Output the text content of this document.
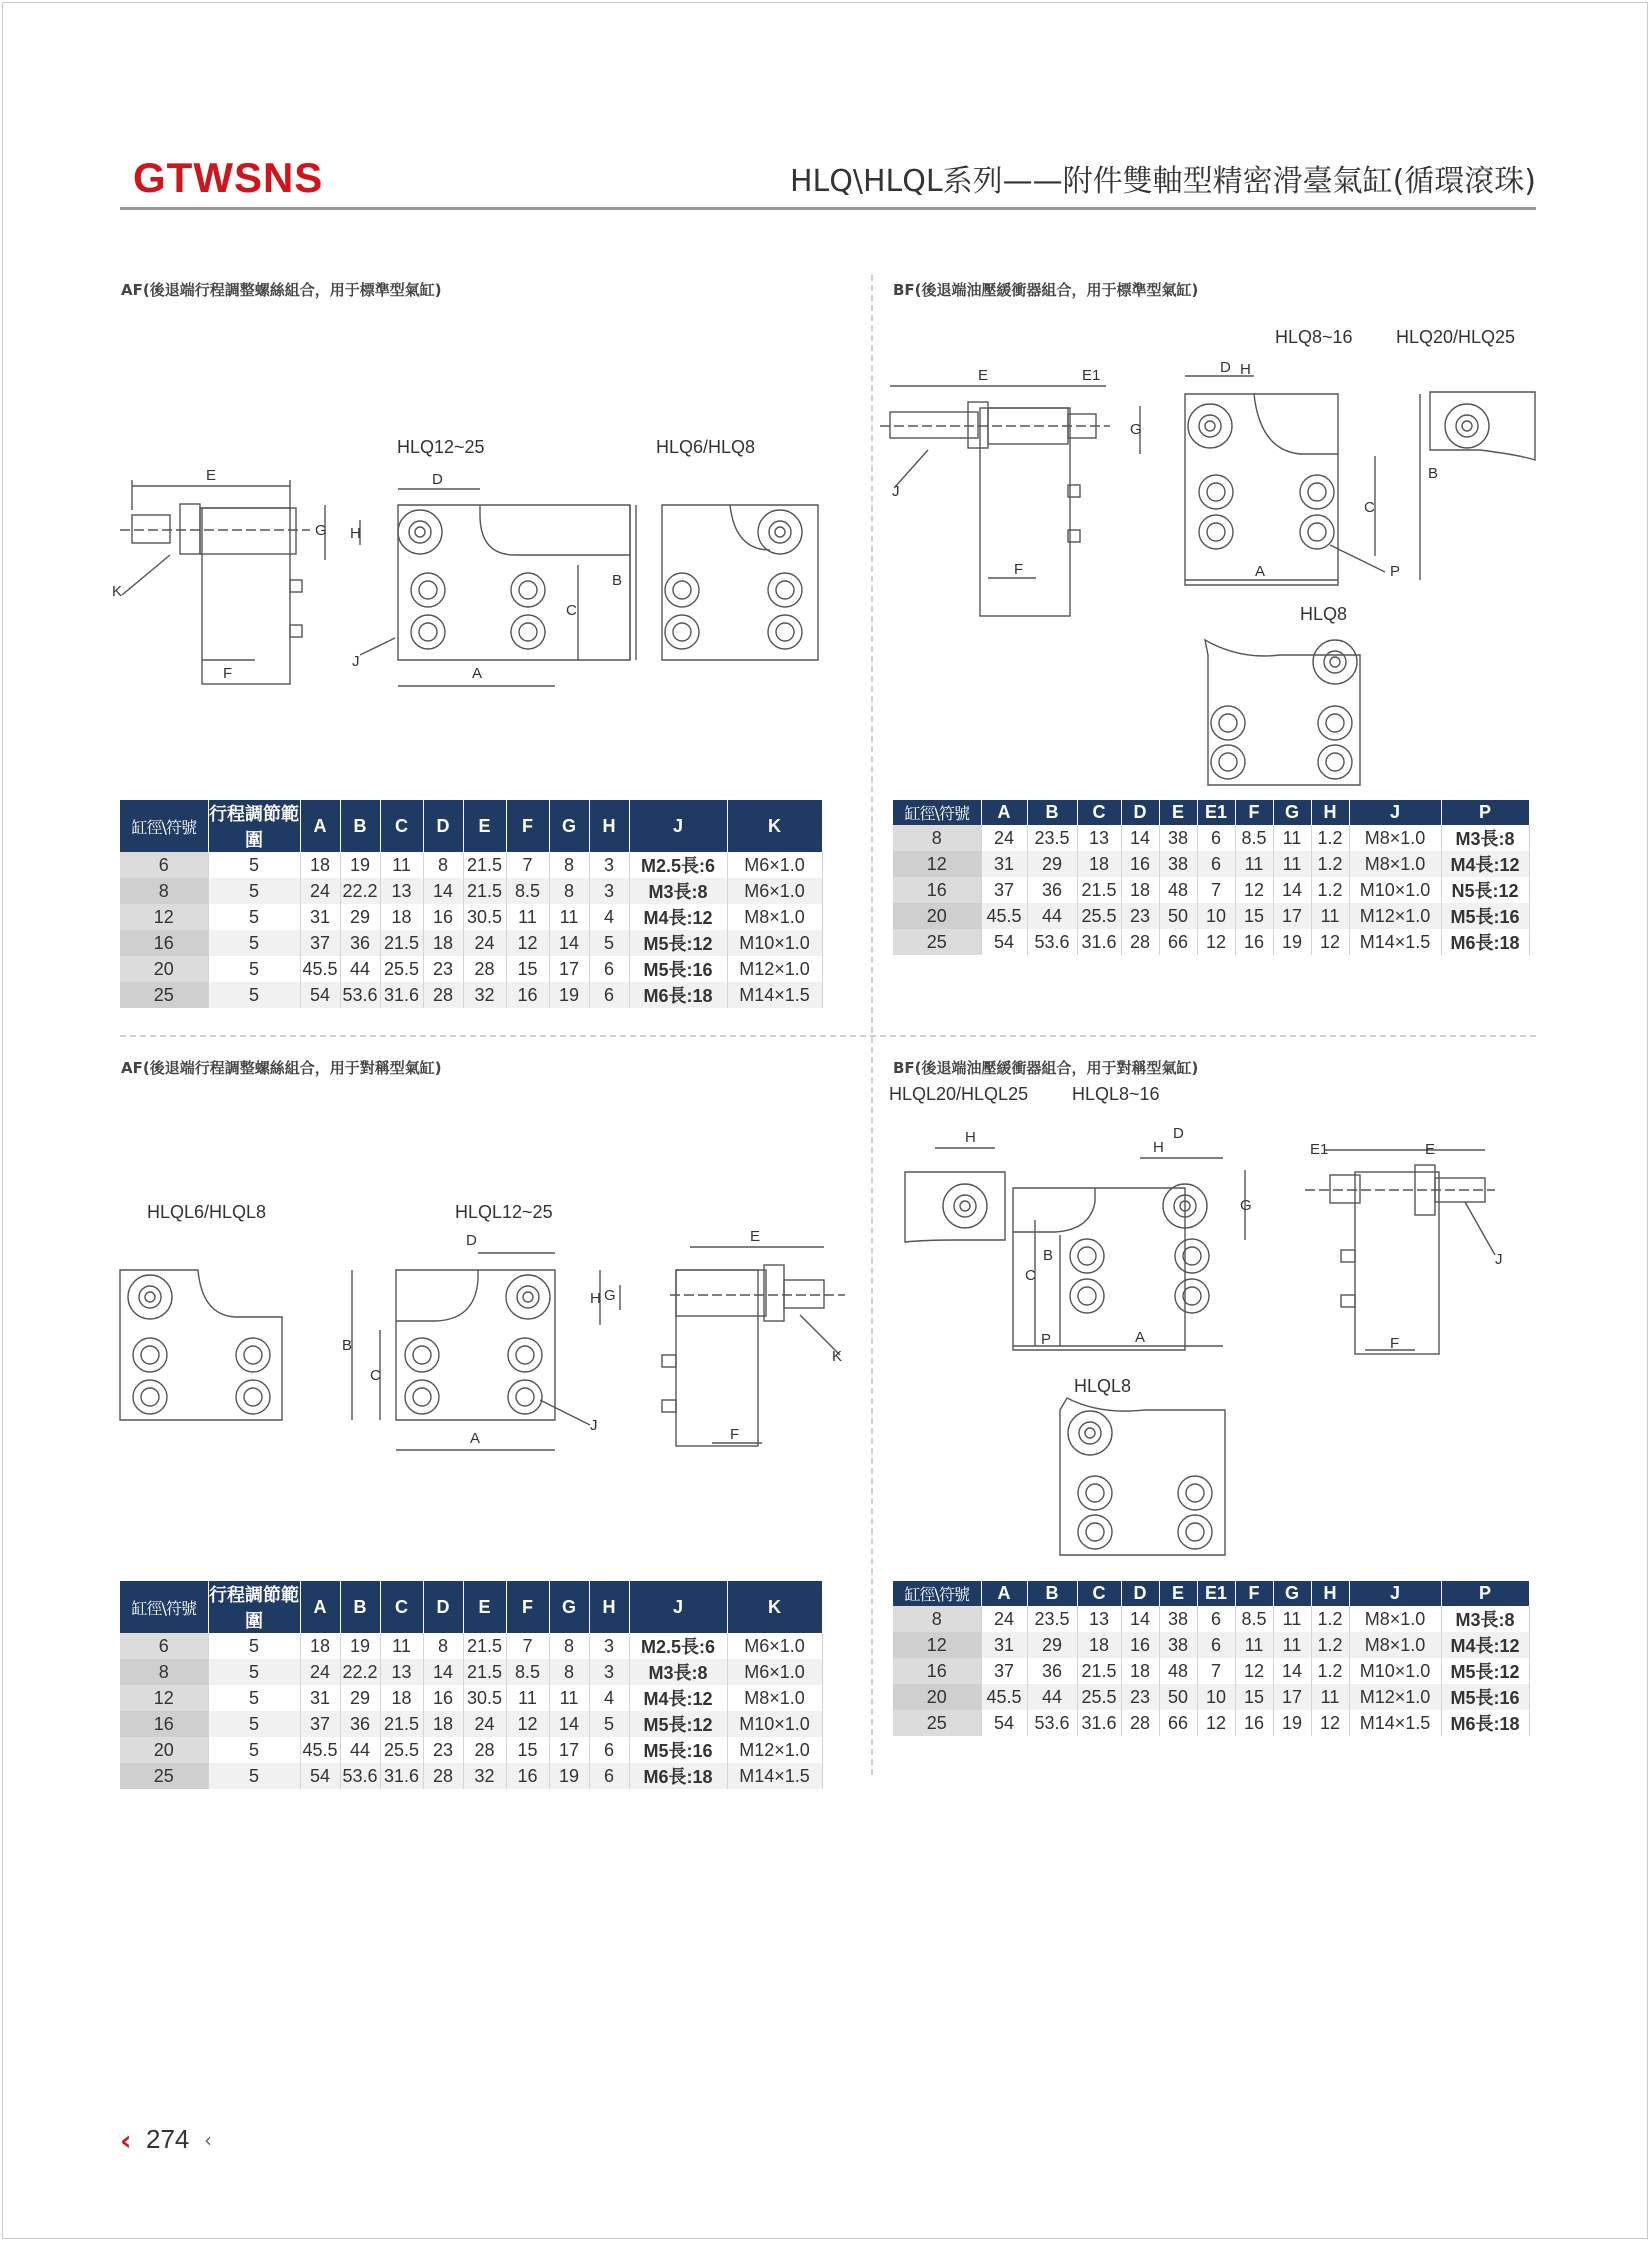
GTWSNS	HLQ\HLQL系列——附件雙軸型精密滑臺氣缸(循環滾珠)
AF(後退端行程調整螺絲組合，用于標準型氣缸)	BF(後退端油壓緩衝器組合，用于標準型氣缸)
AF(後退端行程調整螺絲組合，用于對稱型氣缸)	BF(後退端油壓緩衝器組合，用于對稱型氣缸)
HLQ12~25	HLQ6/HLQ8
HLQ8~16 HLQ20/HLQ25
HLQ8
HLQL6/HLQL8	HLQL12~25
HLQL20/HLQL25 HLQL8~16
HLQL8
E
F
K
A
D
B
C
G H
J
E	E1
F
J
D H
A
B
C
G
P
D
A
B
C
G
H
J
E
F
K
H	D
H
G
C
B
A
P
E1	E
F
J
缸徑\符號	行程調節範圍	A	B	C	D	E	F	G	H	J	K
6	5	18	19	11	8	21.5	7	8	3	M2.5長:6	M6×1.0
8	5	24	22.2	13	14	21.5	8.5	8	3	M3長:8	M6×1.0
12	5	31	29	18	16	30.5	11	11	4	M4長:12	M8×1.0
16	5	37	36	21.5	18	24	12	14	5	M5長:12	M10×1.0
20	5	45.5	44	25.5	23	28	15	17	6	M5長:16	M12×1.0
25	5	54	53.6	31.6	28	32	16	19	6	M6長:18	M14×1.5
缸徑\符號	A	B	C	D	E	E1	F	G	H	J	P
8	24	23.5	13	14	38	6	8.5	11	1.2	M8×1.0	M3長:8
12	31	29	18	16	38	6	11	11	1.2	M8×1.0	M4長:12
16	37	36	21.5	18	48	7	12	14	1.2	M10×1.0	N5長:12
20	45.5	44	25.5	23	50	10	15	17	11	M12×1.0	M5長:16
25	54	53.6	31.6	28	66	12	16	19	12	M14×1.5	M6長:18
缸徑\符號	行程調節範圍	A	B	C	D	E	F	G	H	J	K
6	5	18	19	11	8	21.5	7	8	3	M2.5長:6	M6×1.0
8	5	24	22.2	13	14	21.5	8.5	8	3	M3長:8	M6×1.0
12	5	31	29	18	16	30.5	11	11	4	M4長:12	M8×1.0
16	5	37	36	21.5	18	24	12	14	5	M5長:12	M10×1.0
20	5	45.5	44	25.5	23	28	15	17	6	M5長:16	M12×1.0
25	5	54	53.6	31.6	28	32	16	19	6	M6長:18	M14×1.5
缸徑\符號	A	B	C	D	E	E1	F	G	H	J	P
8	24	23.5	13	14	38	6	8.5	11	1.2	M8×1.0	M3長:8
12	31	29	18	16	38	6	11	11	1.2	M8×1.0	M4長:12
16	37	36	21.5	18	48	7	12	14	1.2	M10×1.0	M5長:12
20	45.5	44	25.5	23	50	10	15	17	11	M12×1.0	M5長:16
25	54	53.6	31.6	28	66	12	16	19	12	M14×1.5	M6長:18
‹ 274 ‹
